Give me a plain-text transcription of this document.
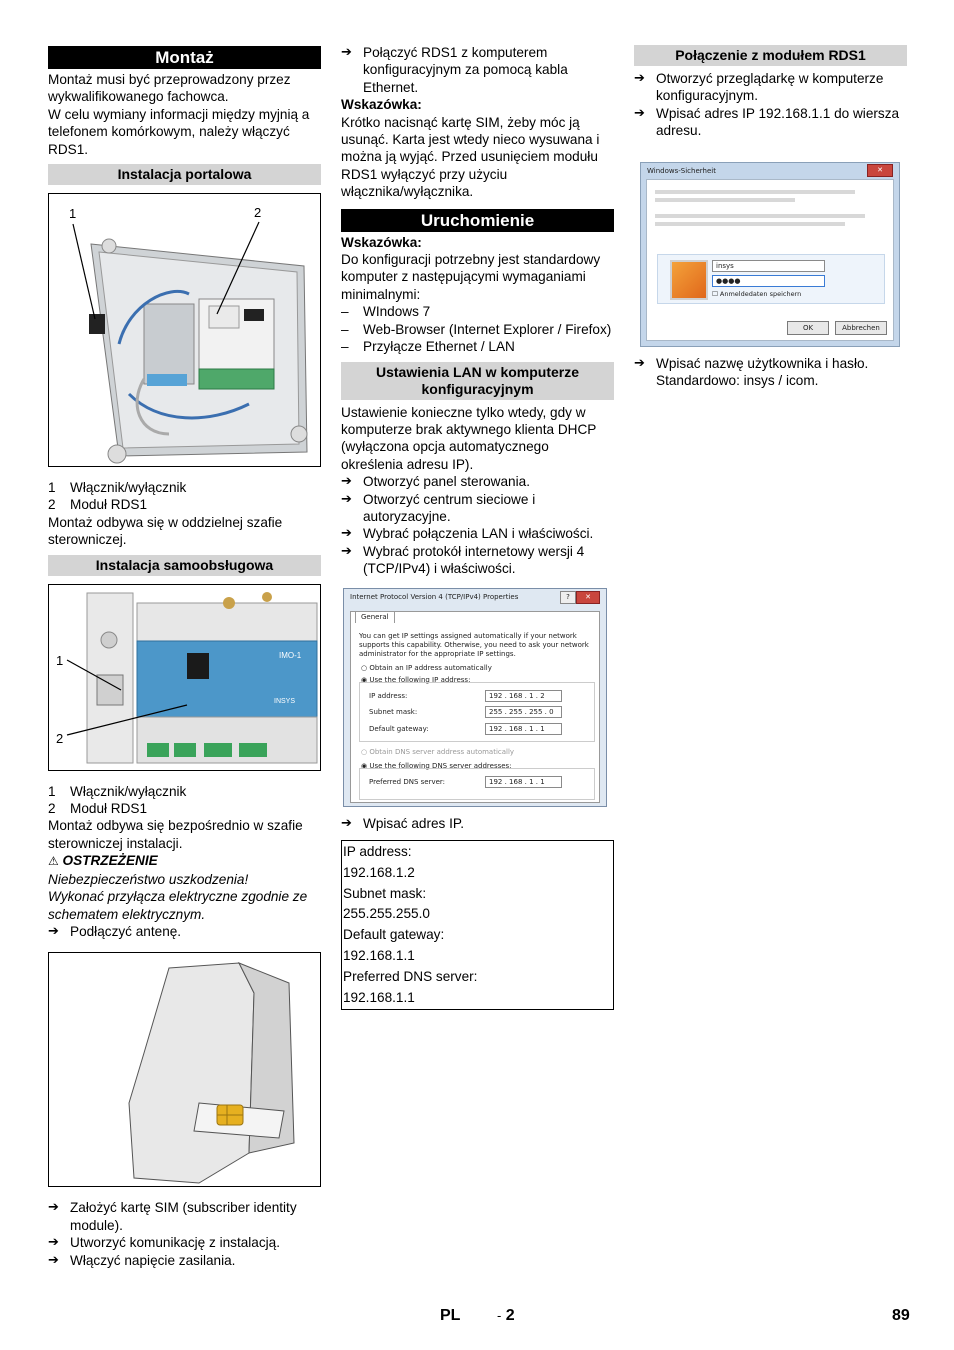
Montaż

Montaż musi być przeprowadzony przez wykwalifikowanego fachowca.

W celu wymiany informacji między myjnią a telefonem komórkowym, należy włączyć RDS1.

Instalacja portalowa
1	2
1 Włącznik/wyłącznik
2 Moduł RDS1

Montaż odbywa się w oddzielnej szafie sterowniczej.

Instalacja samoobsługowa
1
2
IMO-1
INSYS
1 Włącznik/wyłącznik
2 Moduł RDS1

Montaż odbywa się bezpośrednio w szafie sterowniczej instalacji.

⚠ OSTRZEŻENIE

Niebezpieczeństwo uszkodzenia!

Wykonać przyłącza elektryczne zgodnie ze schematem elektrycznym.

➔ Podłączyć antenę.
➔ Założyć kartę SIM (subscriber identity module).
➔ Utworzyć komunikację z instalacją.
➔ Włączyć napięcie zasilania.
➔ Połączyć RDS1 z komputerem konfiguracyjnym za pomocą kabla Ethernet.

Wskazówka:

Krótko nacisnąć kartę SIM, żeby móc ją usunąć. Karta jest wtedy nieco wysuwana i można ją wyjąć. Przed usunięciem modułu RDS1 wyłączyć przy użyciu włącznika/wyłącznika.

Uruchomienie

Wskazówka:

Do konfiguracji potrzebny jest standardowy komputer z następującymi wymaganiami minimalnymi:

– WIndows 7
– Web-Browser (Internet Explorer / Firefox)
– Przyłącze Ethernet / LAN
Ustawienia LAN w komputerze konfiguracyjnym

Ustawienie konieczne tylko wtedy, gdy w komputerze brak aktywnego klienta DHCP (wyłączona opcja automatycznego określenia adresu IP).

➔ Otworzyć panel sterowania.
➔ Otworzyć centrum sieciowe i autoryzacyjne.
➔ Wybrać połączenia LAN i właściwości.
➔ Wybrać protokół internetowy wersji 4 (TCP/IPv4) i właściwości.
Internet Protocol Version 4 (TCP/IPv4) Properties	?	✕
General
You can get IP settings assigned automatically if your network supports this capability. Otherwise, you need to ask your network administrator for the appropriate IP settings.
○ Obtain an IP address automatically
◉ Use the following IP address:
IP address:	192 . 168 . 1 . 2
Subnet mask:	255 . 255 . 255 . 0
Default gateway:	192 . 168 . 1 . 1
○ Obtain DNS server address automatically
◉ Use the following DNS server addresses:
Preferred DNS server:	192 . 168 . 1 . 1
➔ Wpisać adres IP.
IP address:
192.168.1.2
Subnet mask:
255.255.255.0
Default gateway:
192.168.1.1
Preferred DNS server:
192.168.1.1
Połączenie z modułem RDS1
➔ Otworzyć przeglądarkę w komputerze konfiguracyjnym.
➔ Wpisać adres IP 192.168.1.1 do wiersza adresu.
Windows-Sicherheit	✕
insys
●●●●
☐ Anmeldedaten speichern
OK	Abbrechen
➔ Wpisać nazwę użytkownika i hasło. Standardowo: insys / icom.
PL	- 2	89
